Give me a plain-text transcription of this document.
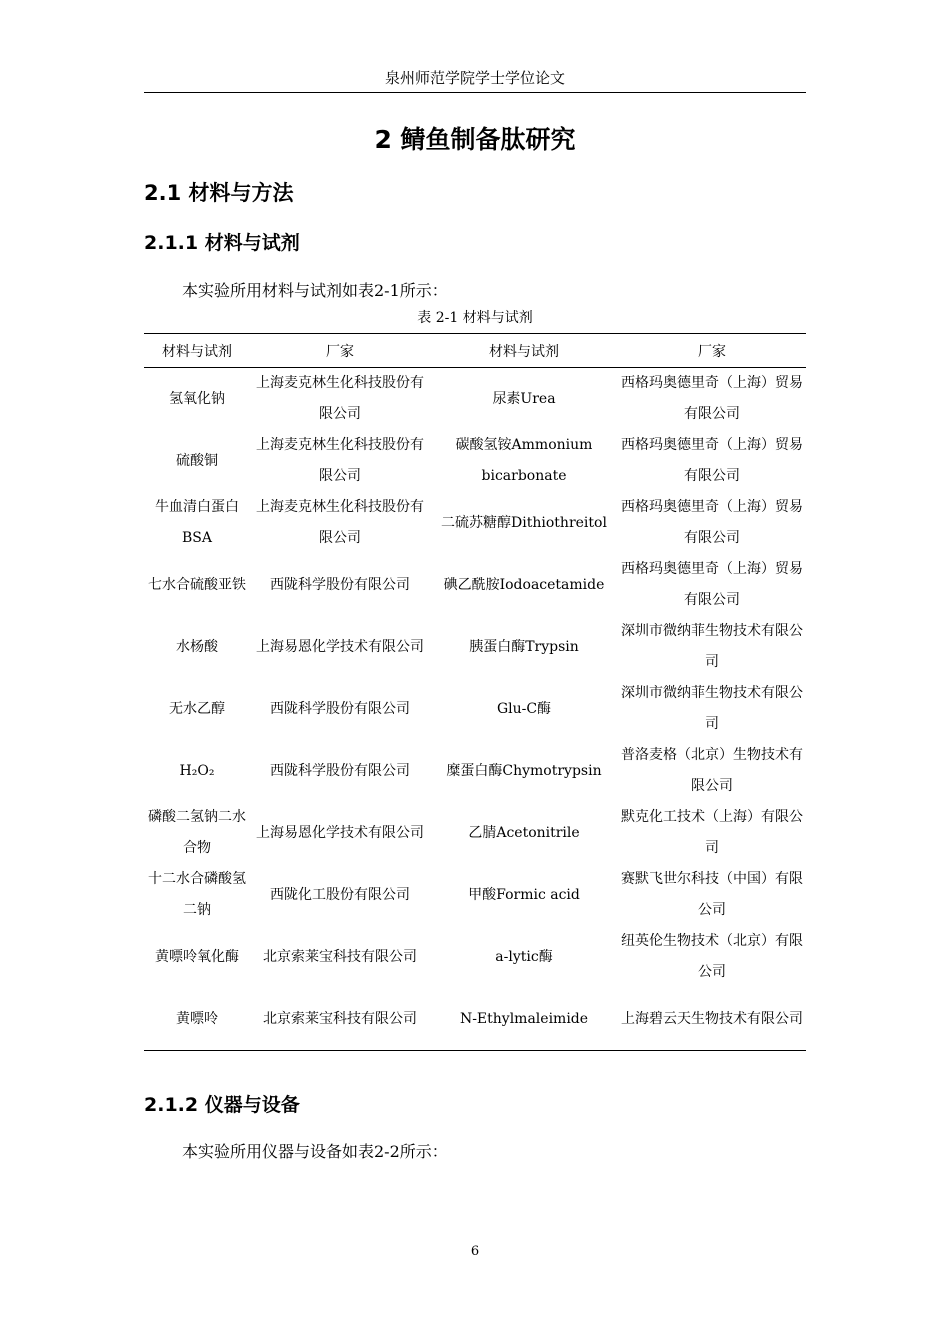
泉州师范学院学士学位论文
2 鲭鱼制备肽研究
2.1 材料与方法
2.1.1 材料与试剂

本实验所用材料与试剂如表2-1所示：

表 2-1 材料与试剂
材料与试剂	厂家	材料与试剂	厂家
氢氧化钠	上海麦克林生化科技股份有限公司	尿素Urea	西格玛奥德里奇（上海）贸易有限公司
硫酸铜	上海麦克林生化科技股份有限公司	碳酸氢铵Ammonium bicarbonate	西格玛奥德里奇（上海）贸易有限公司
牛血清白蛋白BSA	上海麦克林生化科技股份有限公司	二硫苏糖醇Dithiothreitol	西格玛奥德里奇（上海）贸易有限公司
七水合硫酸亚铁	西陇科学股份有限公司	碘乙酰胺Iodoacetamide	西格玛奥德里奇（上海）贸易有限公司
水杨酸	上海易恩化学技术有限公司	胰蛋白酶Trypsin	深圳市微纳菲生物技术有限公司
无水乙醇	西陇科学股份有限公司	Glu-C酶	深圳市微纳菲生物技术有限公司
H₂O₂	西陇科学股份有限公司	糜蛋白酶Chymotrypsin	普洛麦格（北京）生物技术有限公司
磷酸二氢钠二水合物	上海易恩化学技术有限公司	乙腈Acetonitrile	默克化工技术（上海）有限公司
十二水合磷酸氢二钠	西陇化工股份有限公司	甲酸Formic acid	赛默飞世尔科技（中国）有限公司
黄嘌呤氧化酶	北京索莱宝科技有限公司	a-lytic酶	纽英伦生物技术（北京）有限公司
黄嘌呤	北京索莱宝科技有限公司	N-Ethylmaleimide	上海碧云天生物技术有限公司
2.1.2 仪器与设备

本实验所用仪器与设备如表2-2所示：

6
